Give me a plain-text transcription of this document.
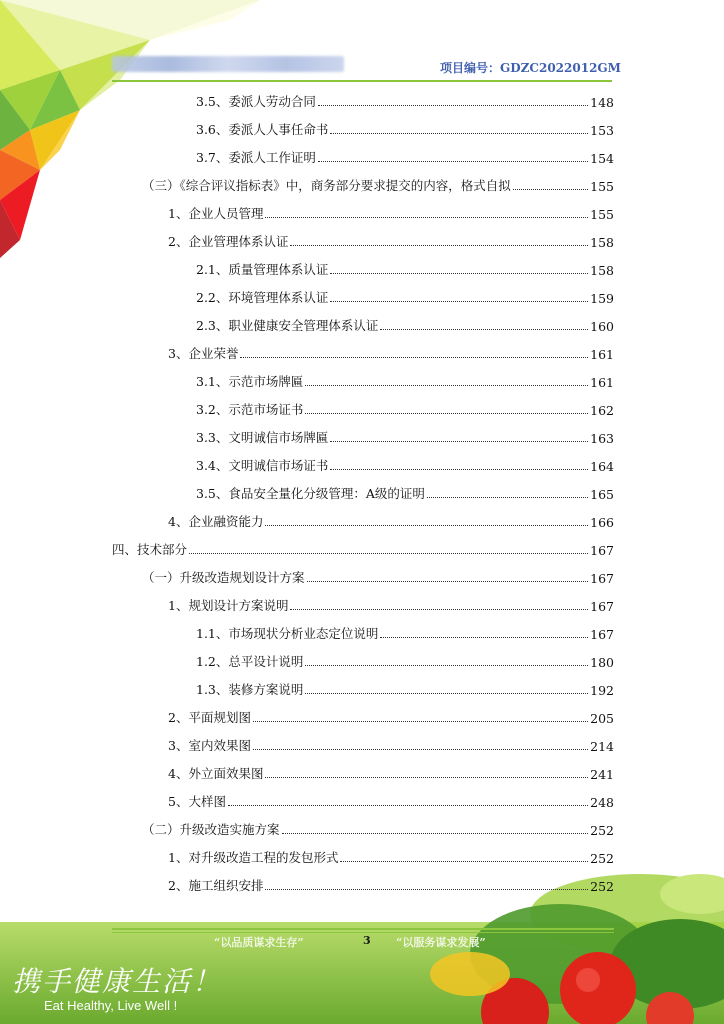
项目编号：GDZC2022012GM
3.5、委派人劳动合同	148
3.6、委派人人事任命书	153
3.7、委派人工作证明	154
（三）《综合评议指标表》中，商务部分要求提交的内容，格式自拟	155
1、企业人员管理	155
2、企业管理体系认证	158
2.1、质量管理体系认证	158
2.2、环境管理体系认证	159
2.3、职业健康安全管理体系认证	160
3、企业荣誉	161
3.1、示范市场牌匾	161
3.2、示范市场证书	162
3.3、文明诚信市场牌匾	163
3.4、文明诚信市场证书	164
3.5、食品安全量化分级管理：A级的证明	165
4、企业融资能力	166
四、技术部分	167
（一）升级改造规划设计方案	167
1、规划设计方案说明	167
1.1、市场现状分析业态定位说明	167
1.2、总平设计说明	180
1.3、装修方案说明	192
2、平面规划图	205
3、室内效果图	214
4、外立面效果图	241
5、大样图	248
（二）升级改造实施方案	252
1、对升级改造工程的发包形式	252
2、施工组织安排	252
“以品质谋求生存”	3 “以服务谋求发展”
携手健康生活！
Eat Healthy, Live Well !
